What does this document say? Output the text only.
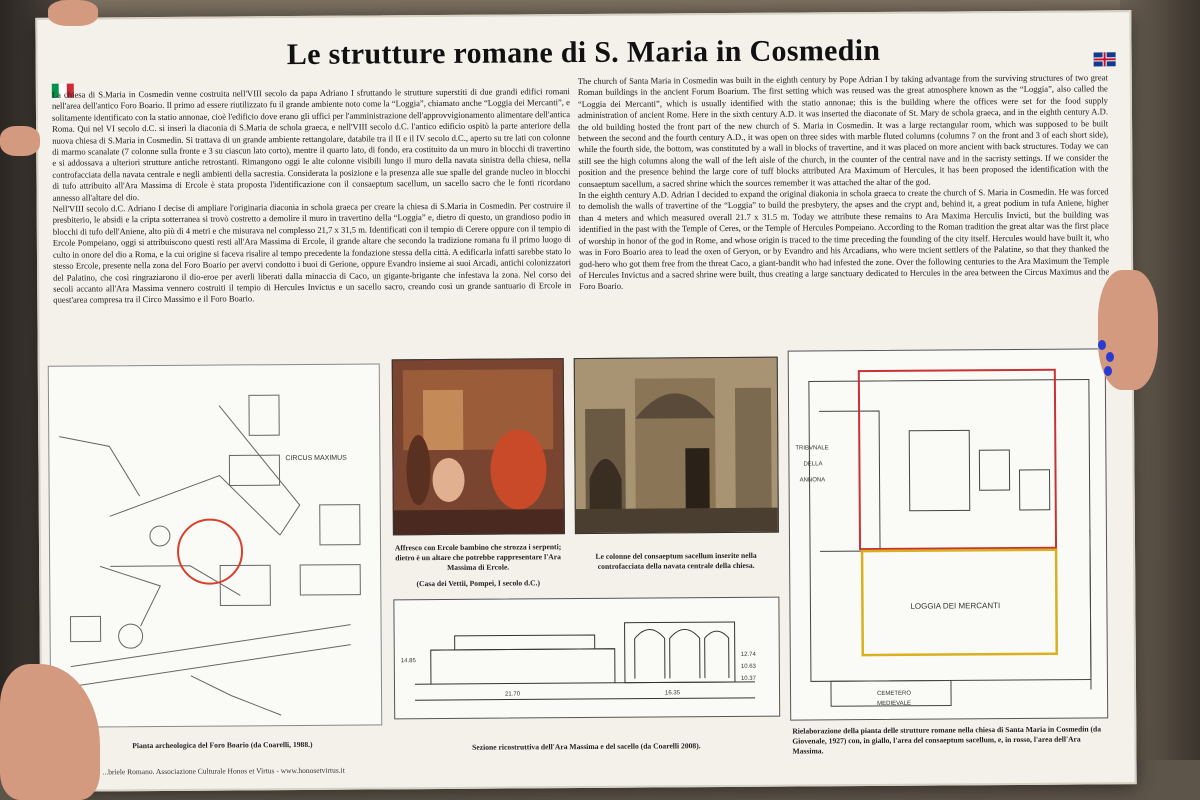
Le strutture romane di S. Maria in Cosmedin

La chiesa di S.Maria in Cosmedin venne costruita nell'VIII secolo da papa Adriano I sfruttando le strutture superstiti di due grandi edifici romani nell'area dell'antico Foro Boario. Il primo ad essere riutilizzato fu il grande ambiente noto come la “Loggia”, chiamato anche “Loggia dei Mercanti”, e solitamente identificato con la statio annonae, cioè l'edificio dove erano gli uffici per l'amministrazione dell'approvvigionamento alimentare dell'antica Roma. Qui nel VI secolo d.C. si inserì la diaconia di S.Maria de schola graeca, e nell'VIII secolo d.C. l'antico edificio ospitò la parte anteriore della nuova chiesa di S.Maria in Cosmedin. Si trattava di un grande ambiente rettangolare, databile tra il II e il IV secolo d.C., aperto su tre lati con colonne di marmo scanalate (7 colonne sulla fronte e 3 su ciascun lato corto), mentre il quarto lato, di fondo, era costituito da un muro in blocchi di travertino e si addossava a ulteriori strutture antiche retrostanti. Rimangono oggi le alte colonne visibili lungo il muro della navata sinistra della chiesa, nella controfacciata della navata centrale e negli ambienti della sacrestia. Considerata la posizione e la presenza alle sue spalle del grande nucleo in blocchi di tufo attribuito all'Ara Massima di Ercole è stata proposta l'identificazione con il consaeptum sacellum, un sacello sacro che le fonti ricordano annesso all'altare del dio.

Nell'VIII secolo d.C. Adriano I decise di ampliare l'originaria diaconia in schola graeca per creare la chiesa di S.Maria in Cosmedin. Per costruire il presbiterio, le absidi e la cripta sotterranea si trovò costretto a demolire il muro in travertino della “Loggia” e, dietro di questo, un grandioso podio in blocchi di tufo dell'Aniene, alto più di 4 metri e che misurava nel complesso 21,7 x 31,5 m. Identificati con il tempio di Cerere oppure con il tempio di Ercole Pompeiano, oggi si attribuiscono questi resti all'Ara Massima di Ercole, il grande altare che secondo la tradizione romana fu il primo luogo di culto in onore del dio a Roma, e la cui origine si faceva risalire al tempo precedente la fondazione stessa della città. A edificarla infatti sarebbe stato lo stesso Ercole, presente nella zona del Foro Boario per avervi condotto i buoi di Gerione, oppure Evandro insieme ai suoi Arcadi, antichi colonizzatori del Palatino, che così ringraziarono il dio-eroe per averli liberati dalla minaccia di Caco, un gigante-brigante che infestava la zona. Nel corso dei secoli accanto all'Ara Massima vennero costruiti il tempio di Hercules Invictus e un sacello sacro, creando così un grande santuario di Ercole in quest'area compresa tra il Circo Massimo e il Foro Boario.

The church of Santa Maria in Cosmedin was built in the eighth century by Pope Adrian I by taking advantage from the surviving structures of two great Roman buildings in the ancient Forum Boarium. The first setting which was reused was the great atmosphere known as the “Loggia”, also called the “Loggia dei Mercanti”, which is usually identified with the statio annonae; this is the building where the offices were set for the food supply administration of ancient Rome. Here in the sixth century A.D. it was inserted the diaconate of St. Mary de schola graeca, and in the eighth century A.D. the old building hosted the front part of the new church of S. Maria in Cosmedin. It was a large rectangular room, which was supposed to be built between the second and the fourth century A.D., it was open on three sides with marble fluted columns (columns 7 on the front and 3 of each short side), while the fourth side, the bottom, was constituted by a wall in blocks of travertine, and it was placed on more ancient with back structures. Today we can still see the high columns along the wall of the left aisle of the church, in the counter of the central nave and in the sacristy settings. If we consider the position and the presence behind the large core of tuff blocks attributed Ara Maximum of Hercules, it has been proposed the identification with the consaeptum sacellum, a sacred shrine which the sources remember it was attached the altar of the god.

In the eighth century A.D. Adrian I decided to expand the original diakonia in schola graeca to create the church of S. Maria in Cosmedin. He was forced to demolish the walls of travertine of the “Loggia” to build the presbytery, the apses and the crypt and, behind it, a great podium in tufa Aniene, higher than 4 meters and which measured overall 21.7 x 31.5 m. Today we attribute these remains to Ara Maxima Herculis Invicti, but the building was identified in the past with the Temple of Ceres, or the Temple of Hercules Pompeiano. According to the Roman tradition the great altar was the first place of worship in honor of the god in Rome, and whose origin is traced to the time preceding the founding of the city itself. Hercules would have built it, who was in Foro Boario area to lead the oxen of Geryon, or by Evandro and his Arcadians, who were tncient settlers of the Palatine, so that they thanked the god-hero who got them free from the threat Caco, a giant-bandit who had infested the zone. Over the following centuries to the Ara Maximum the Temple of Hercules Invictus and a sacred shrine were built, thus creating a large sanctuary dedicated to Hercules in the area between the Circus Maximus and the Foro Boario.

CIRCUS MAXIMUS
Pianta archeologica del Foro Boario (da Coarelli, 1988.)
Affresco con Ercole bambino che strozza i serpenti; dietro è un altare che potrebbe rappresentare l'Ara Massima di Ercole.
(Casa dei Vettii, Pompei, I secolo d.C.)
Le colonne del consaeptum sacellum inserite nella controfacciata della navata centrale della chiesa.
14.85
12.74
10.63
10.37
21.70	16.35
Sezione ricostruttiva dell'Ara Massima e del sacello (da Coarelli 2008).
TRIBVNALE
DELLA
ANNONA
LOGGIA DEI MERCANTI
CEMETERO
MEDIEVALE
Rielaborazione della pianta delle strutture romane nella chiesa di Santa Maria in Cosmedin (da Giovenale, 1927) con, in giallo, l'area del consaeptum sacellum, e, in rosso, l'area dell'Ara Massima.
...briele Romano. Associazione Culturale Honos et Virtus - www.honosetvirtus.it
